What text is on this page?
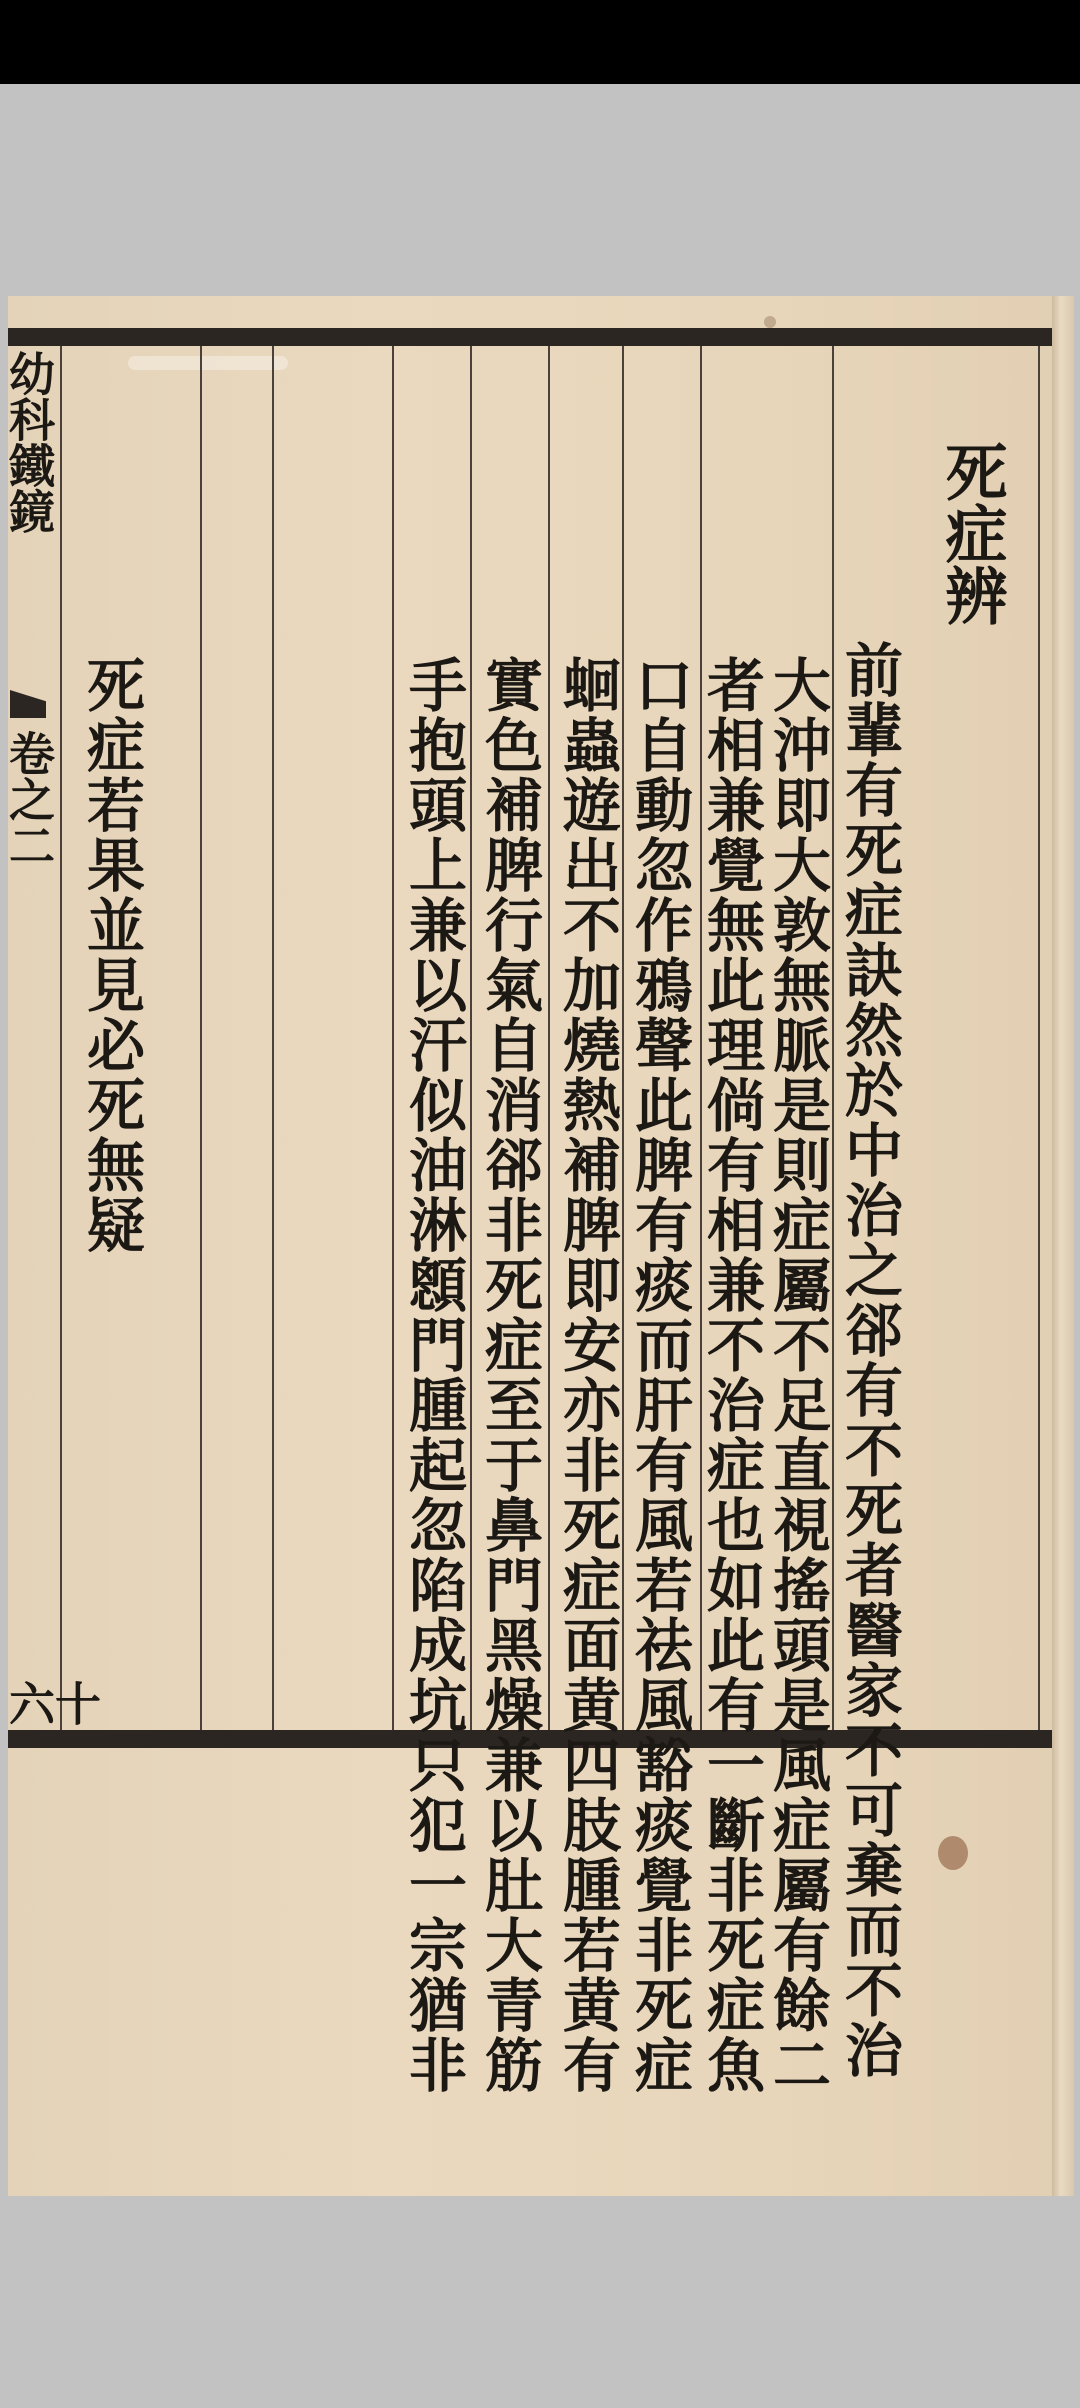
死症辨
前輩有死症訣然於中治之郤有不死者醫家不可棄而不治
大沖即大敦無脈是則症屬不足直視搖頭是風症屬有餘二
者相兼覺無此理倘有相兼不治症也如此有一斷非死症魚
口自動忽作鴉聲此脾有痰而肝有風若祛風豁痰覺非死症
蛔蟲遊出不加燒熱補脾即安亦非死症面黄四肢腫若黄有
實色補脾行氣自消郤非死症至于鼻門黑燥兼以肚大青筋
手抱頭上兼以汗似油淋顖門腫起忽陷成坑只犯一宗猶非
死症若果並見必死無疑
幼科鐵鏡
卷之二
十六
